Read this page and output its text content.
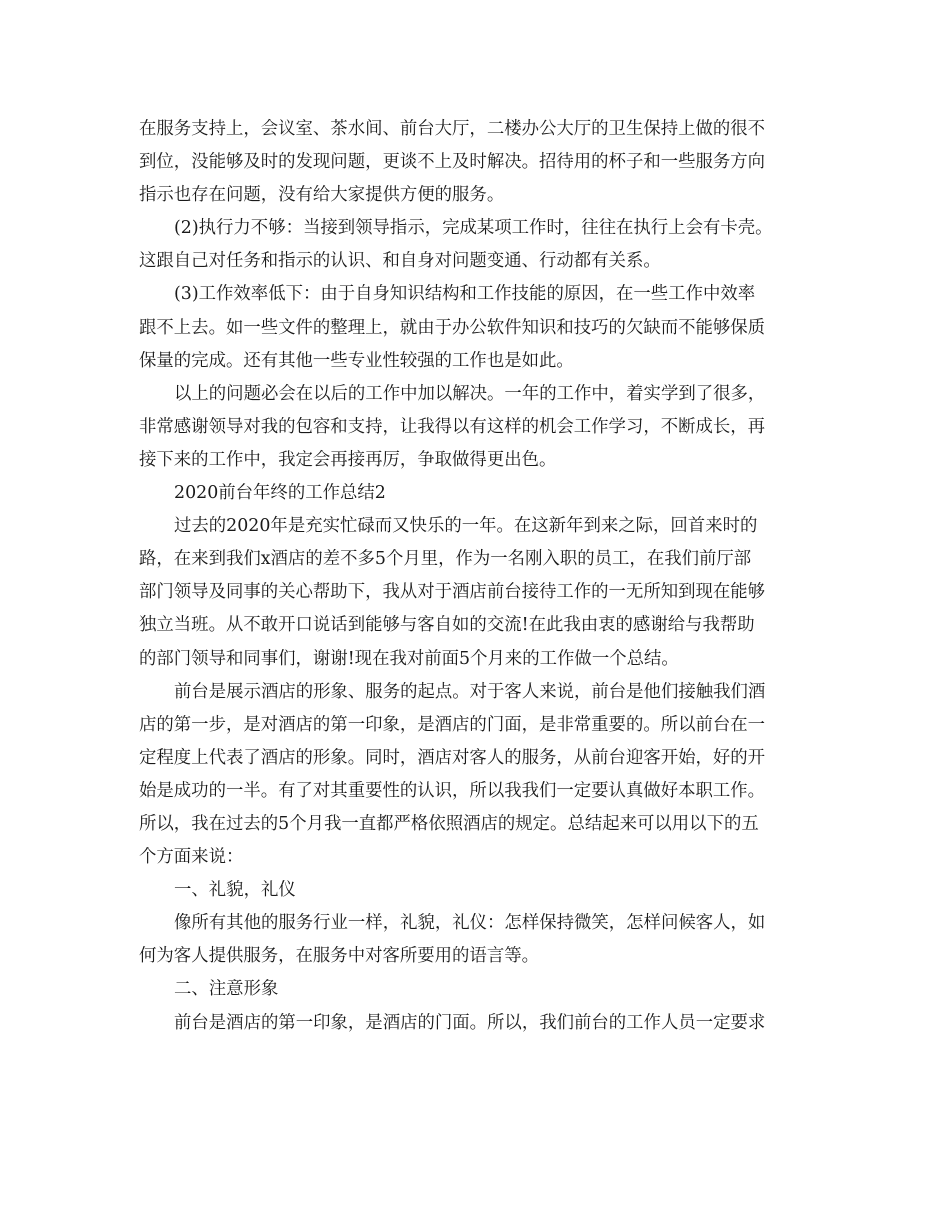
在服务支持上，会议室、茶水间、前台大厅，二楼办公大厅的卫生保持上做的很不
到位，没能够及时的发现问题，更谈不上及时解决。招待用的杯子和一些服务方向
指示也存在问题，没有给大家提供方便的服务。
(2)执行力不够：当接到领导指示，完成某项工作时，往往在执行上会有卡壳。
这跟自己对任务和指示的认识、和自身对问题变通、行动都有关系。
(3)工作效率低下：由于自身知识结构和工作技能的原因，在一些工作中效率
跟不上去。如一些文件的整理上，就由于办公软件知识和技巧的欠缺而不能够保质
保量的完成。还有其他一些专业性较强的工作也是如此。
以上的问题必会在以后的工作中加以解决。一年的工作中，着实学到了很多，
非常感谢领导对我的包容和支持，让我得以有这样的机会工作学习，不断成长，再
接下来的工作中，我定会再接再厉，争取做得更出色。
2020前台年终的工作总结2
过去的2020年是充实忙碌而又快乐的一年。在这新年到来之际，回首来时的
路，在来到我们x酒店的差不多5个月里，作为一名刚入职的员工，在我们前厅部
部门领导及同事的关心帮助下，我从对于酒店前台接待工作的一无所知到现在能够
独立当班。从不敢开口说话到能够与客自如的交流!在此我由衷的感谢给与我帮助
的部门领导和同事们，谢谢!现在我对前面5个月来的工作做一个总结。
前台是展示酒店的形象、服务的起点。对于客人来说，前台是他们接触我们酒
店的第一步，是对酒店的第一印象，是酒店的门面，是非常重要的。所以前台在一
定程度上代表了酒店的形象。同时，酒店对客人的服务，从前台迎客开始，好的开
始是成功的一半。有了对其重要性的认识，所以我我们一定要认真做好本职工作。
所以，我在过去的5个月我一直都严格依照酒店的规定。总结起来可以用以下的五
个方面来说：
一、礼貌，礼仪
像所有其他的服务行业一样，礼貌，礼仪：怎样保持微笑，怎样问候客人，如
何为客人提供服务，在服务中对客所要用的语言等。
二、注意形象
前台是酒店的第一印象，是酒店的门面。所以，我们前台的工作人员一定要求
